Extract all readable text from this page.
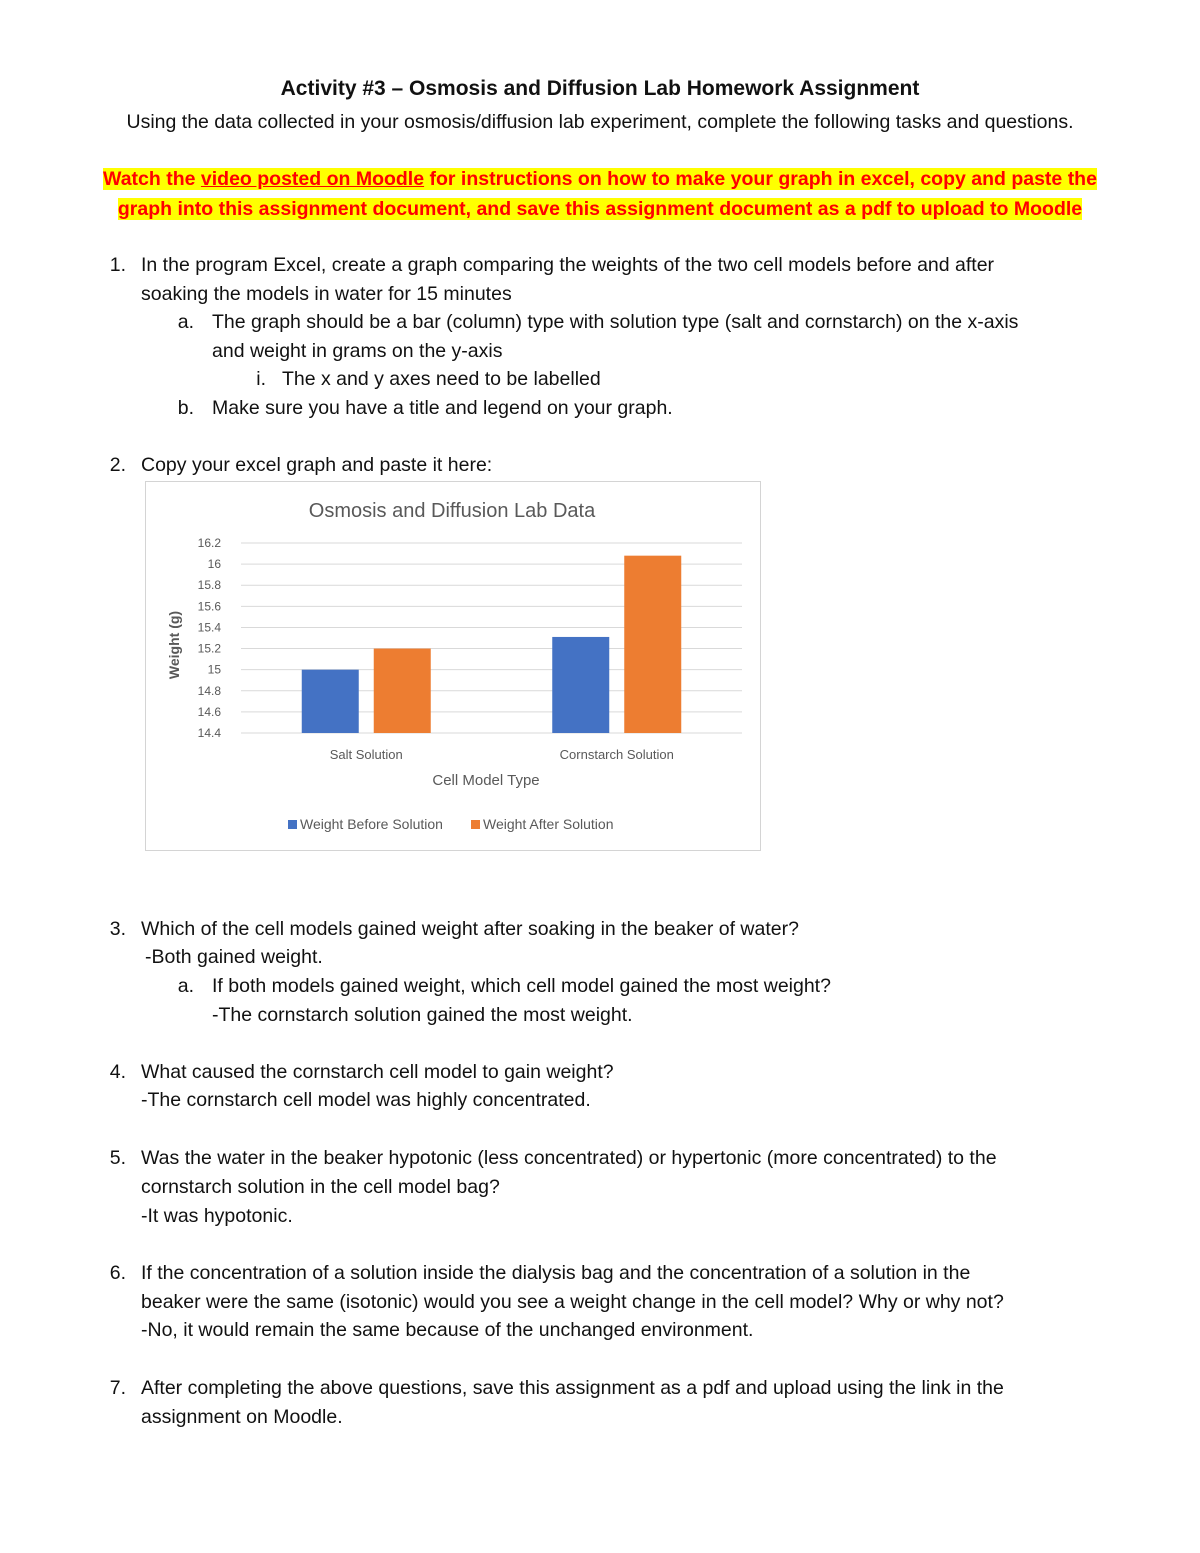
Activity #3 – Osmosis and Diffusion Lab Homework Assignment
Using the data collected in your osmosis/diffusion lab experiment, complete the following tasks and questions.
Watch the video posted on Moodle for instructions on how to make your graph in excel, copy and paste the
graph into this assignment document, and save this assignment document as a pdf to upload to Moodle
1. In the program Excel, create a graph comparing the weights of the two cell models before and after
soaking the models in water for 15 minutes
a. The graph should be a bar (column) type with solution type (salt and cornstarch) on the x-axis
and weight in grams on the y-axis
i. The x and y axes need to be labelled
b. Make sure you have a title and legend on your graph.
2. Copy your excel graph and paste it here:
Osmosis and Diffusion Lab Data
14.4
14.6
14.8
15
15.2
15.4
15.6
15.8
16
16.2
Salt Solution	Cornstarch Solution
Weight (g)
Cell Model Type
Weight Before Solution	Weight After Solution
3. Which of the cell models gained weight after soaking in the beaker of water?
-Both gained weight.
a. If both models gained weight, which cell model gained the most weight?
-The cornstarch solution gained the most weight.
4. What caused the cornstarch cell model to gain weight?
-The cornstarch cell model was highly concentrated.
5. Was the water in the beaker hypotonic (less concentrated) or hypertonic (more concentrated) to the
cornstarch solution in the cell model bag?
-It was hypotonic.
6. If the concentration of a solution inside the dialysis bag and the concentration of a solution in the
beaker were the same (isotonic) would you see a weight change in the cell model? Why or why not?
-No, it would remain the same because of the unchanged environment.
7. After completing the above questions, save this assignment as a pdf and upload using the link in the
assignment on Moodle.
